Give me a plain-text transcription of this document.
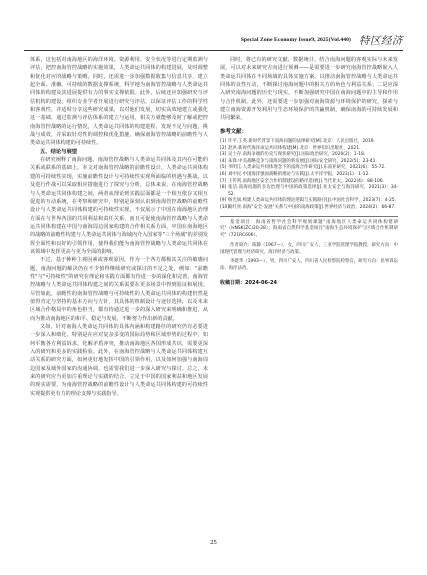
Special Zone Economy Issue9, 2025(Vol.440) 特区经济

体系，这包括对南海地区的海洋环境、资源利用、安全状况等进行定期监测与评估，把控南海管控战略的实施效果，人类命运共同体的构建进展，及时调整和优化对应的战略与策略。同时，还需进一步加强数据收集与信息共享，建立起全面、准确、可持续的数据支撑系统，科学地为南海管控战略与人类命运共同体的构建及其进展提供有力的事实支撑依据。此外，后续还应加强研究与评估机构的建设，组织专业学者开展进行研究与评估，以保证评估工作的科学性和客观性，并适时分享这些研究成果，以对他们发展，切实高效地建立或强化这一基础，通过监测与评估体系的建立与运用，相关方就能够及时了解或把控南海管控战略的运行情况，人类命运共同体的构建进程，发现不足与问题，挑战与成效，并采取针对性的调控和优化措施，确保南海管控战略的前瞻性与人类命运共同体构建的可持续性。

五、结论与展望

在研究阐释了南海问题、南海管控战略与人类命运共同体及其内在可能的关系或联系的基础上，本文对南海管控战略的前瞻性设计，人类命运共同体构建的可持续性实现，实施前瞻性设计与可持续性实现所面临的机遇与挑战，以及进行作战可以采取相应措施进行了探究与分析，总体来说，在南海管控战略与人类命运共同体构建之间，两者从理论到实践层面都是一个相互依存又相互促进的互动系统，在考察和研究中，特别是深刻认识到南海管控战略的前瞻性设计与人类命运共同体构建的可持续性实现，不仅展示了中国在南海地区治理方面在与世界各国的共同利益和责任关系，而且可促使南海管控战略与人类命运共同体构建在中国与南海周边国家构建的合作相关系方面，中国在南海地区的战略的前瞻性构建与人类命运共同体与海域内介入国家等"三个场域"的差别发挥全面性和良好的引领作用，使得我们能为南海管控战略与人类命运共同体在该领域中发挥更高与更为全面的影响。

不过，基于种种主观因素或客观原因，作为一个各方都极其关注的敏感问题，南海问题的解决仍在不少值得继续研究或探讨的不足之处，例如："前瞻性"与"可持续性"的研究在理论和实践方面都有待进一步的深化和完善，南海管控战略与人类命运共同体构建之间的关系需要在更多场景中得到验证和展现。尽管如此，前瞻性的南海管控战略与可持续性的人类命运共同体的构建仍然是值得肯定与坚持的基本方向与方针，其具体的机制设计与途径选择，以及未来区域合作格局中的角色担当，都有待通过进一步的深入研究来明确和推进，从而为推动南海地区的和平、稳定与发展，不断努力作出新的贡献。

又如，针对南海人类命运共同体的具体内涵和构建路径的研究仍有必要进一步深入和细化，特别是在应对复杂多变的国际局势和区域形势的过程中，如何平衡各方利益诉求，化解矛盾冲突，推动南海地区各国形成共识，需要更深入的研究和更多的实践检验。此外，在南海管控战略与人类命运共同体构建互动关系的研究方面，如何更好地发挥中国的引领作用，以及如何加强与南海周边国家及域外国家的沟通协调，也需要我们进一步深入研究与探讨。总之，未来的研究应当更加注重理论与实践的结合，立足于中国的国家利益和地区发展的现实需要，为南海管控战略的前瞻性设计与人类命运共同体构建的可持续性实现提供更有力的理论支撑与实践指导。

同时，将已有的研究文献、数据统计、结合南海问题的客观实际与未来发展，可以对未来研究方向进行预测——是需要进一步研究南海管控战略嵌入人类命运共同体在不同场域的具体实施方案，以推动南海管控战略与人类命运共同体的良性互动，不断探讨南海问题中的相关方的角色与利益关系；二是应深入研究南海问题的历史与现实，不断加强研究中国在南海问题中的主导和作用与合作机制。此外，还需要进一步加强对南海资源与环境保护的研究，探索与建立南海资源开发利用与生态环境保护的共赢机制，确保南海的可持续发展和共同繁荣。

参考文献：
[1] 许平.王英.新时代背景下南海问题的法律研究[M].北京：人民出版社，2019.
[2] 赵洪.新时代海洋命运共同体构建[M].北京：世界知识出版社，2021.
[3] 吴士存.南海争端的历史与现状研究[J].国际政治研究，2020(2)：1-18.
[4] 朱锋.中美战略竞争与南海问题的新发展[J].国际安全研究，2022(5)：23-41.
[5] 李明江.人类命运共同体理念下的南海合作研究[J].东南亚研究，2021(6)：55-72.
[6] 刘中民.中国海洋强国战略的理论与实践[J].太平洋学报，2023(1)：1-12.
[7] 王传剑.南海地区安全合作机制建设的路径选择[J].当代亚太，2022(4)：88-106.
[8] 张洁.南海问题的多边治理与中国的政策选择[J].亚太安全与海洋研究，2021(3)：34-52.
[9] 杨光斌.构建人类命运共同体的理论逻辑与实践路径[J].中国社会科学，2023(7)：4-25.
[10]
葛红亮.南海"安全-发展"关系与中国的南海政策[J].世界经济与政治，2024(2)：66-87.
基金项目：海南省哲学社会科学规划课题"南海地区人类命运共同体构建研究"（HNSK(ZC)20-28）；海南省自然科学基金项目"南海生态环境保护与区域合作机制研究"（721RC606）。
作者简介：陈静（1967—），女，四川广安人，三亚学院管理学院教授，研究方向：中国现代管理与经济研究、海洋经济与政策。
李建华（1993—），男，四川广安人，四川省人民检察院检察官，研究方向：民事诉讼法、海洋法治。
收稿日期：2024-06-24
25
